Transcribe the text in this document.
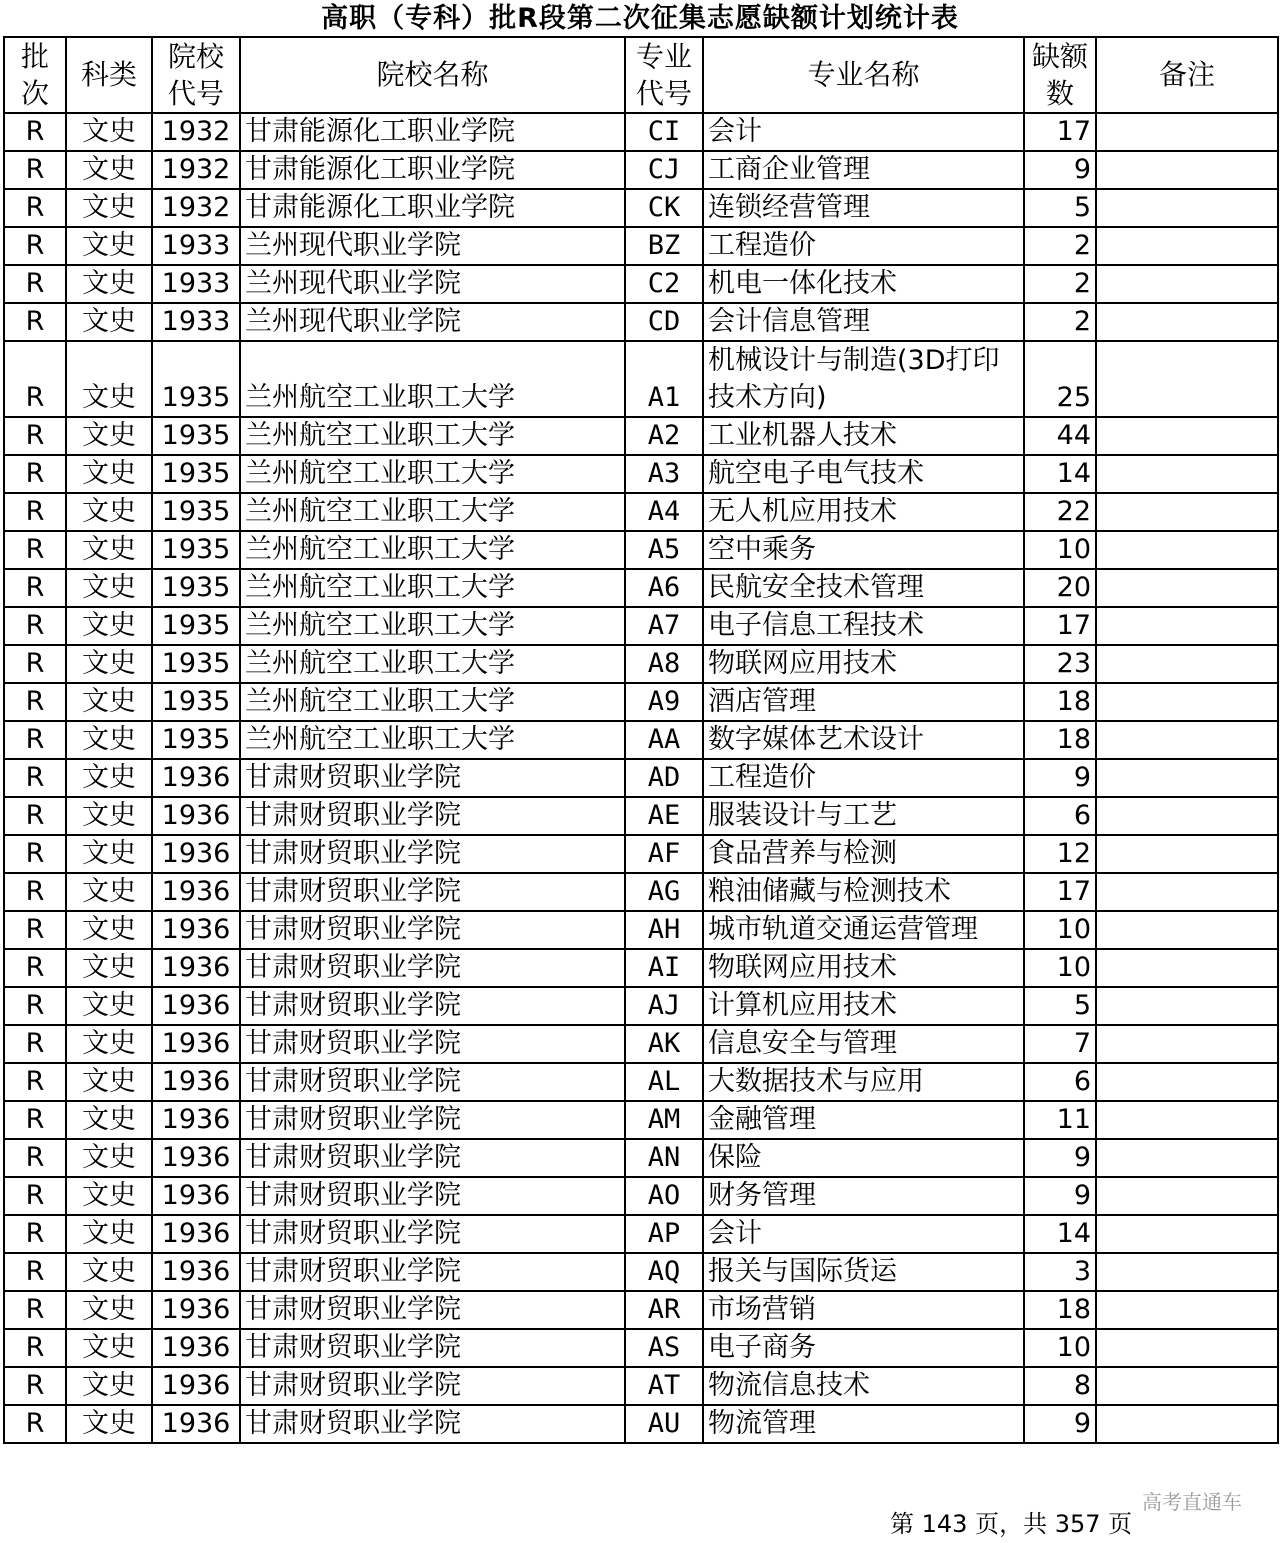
高职（专科）批R段第二次征集志愿缺额计划统计表
批次	科类	院校代号	院校名称	专业代号	专业名称	缺额数	备注
R	文史	1932	甘肃能源化工职业学院	CI	会计	17	
R	文史	1932	甘肃能源化工职业学院	CJ	工商企业管理	9	
R	文史	1932	甘肃能源化工职业学院	CK	连锁经营管理	5	
R	文史	1933	兰州现代职业学院	BZ	工程造价	2	
R	文史	1933	兰州现代职业学院	C2	机电一体化技术	2	
R	文史	1933	兰州现代职业学院	CD	会计信息管理	2	
R	文史	1935	兰州航空工业职工大学	A1	机械设计与制造(3D打印技术方向)	25	
R	文史	1935	兰州航空工业职工大学	A2	工业机器人技术	44	
R	文史	1935	兰州航空工业职工大学	A3	航空电子电气技术	14	
R	文史	1935	兰州航空工业职工大学	A4	无人机应用技术	22	
R	文史	1935	兰州航空工业职工大学	A5	空中乘务	10	
R	文史	1935	兰州航空工业职工大学	A6	民航安全技术管理	20	
R	文史	1935	兰州航空工业职工大学	A7	电子信息工程技术	17	
R	文史	1935	兰州航空工业职工大学	A8	物联网应用技术	23	
R	文史	1935	兰州航空工业职工大学	A9	酒店管理	18	
R	文史	1935	兰州航空工业职工大学	AA	数字媒体艺术设计	18	
R	文史	1936	甘肃财贸职业学院	AD	工程造价	9	
R	文史	1936	甘肃财贸职业学院	AE	服装设计与工艺	6	
R	文史	1936	甘肃财贸职业学院	AF	食品营养与检测	12	
R	文史	1936	甘肃财贸职业学院	AG	粮油储藏与检测技术	17	
R	文史	1936	甘肃财贸职业学院	AH	城市轨道交通运营管理	10	
R	文史	1936	甘肃财贸职业学院	AI	物联网应用技术	10	
R	文史	1936	甘肃财贸职业学院	AJ	计算机应用技术	5	
R	文史	1936	甘肃财贸职业学院	AK	信息安全与管理	7	
R	文史	1936	甘肃财贸职业学院	AL	大数据技术与应用	6	
R	文史	1936	甘肃财贸职业学院	AM	金融管理	11	
R	文史	1936	甘肃财贸职业学院	AN	保险	9	
R	文史	1936	甘肃财贸职业学院	AO	财务管理	9	
R	文史	1936	甘肃财贸职业学院	AP	会计	14	
R	文史	1936	甘肃财贸职业学院	AQ	报关与国际货运	3	
R	文史	1936	甘肃财贸职业学院	AR	市场营销	18	
R	文史	1936	甘肃财贸职业学院	AS	电子商务	10	
R	文史	1936	甘肃财贸职业学院	AT	物流信息技术	8	
R	文史	1936	甘肃财贸职业学院	AU	物流管理	9	
高考直通车
第 143 页，共 357 页
